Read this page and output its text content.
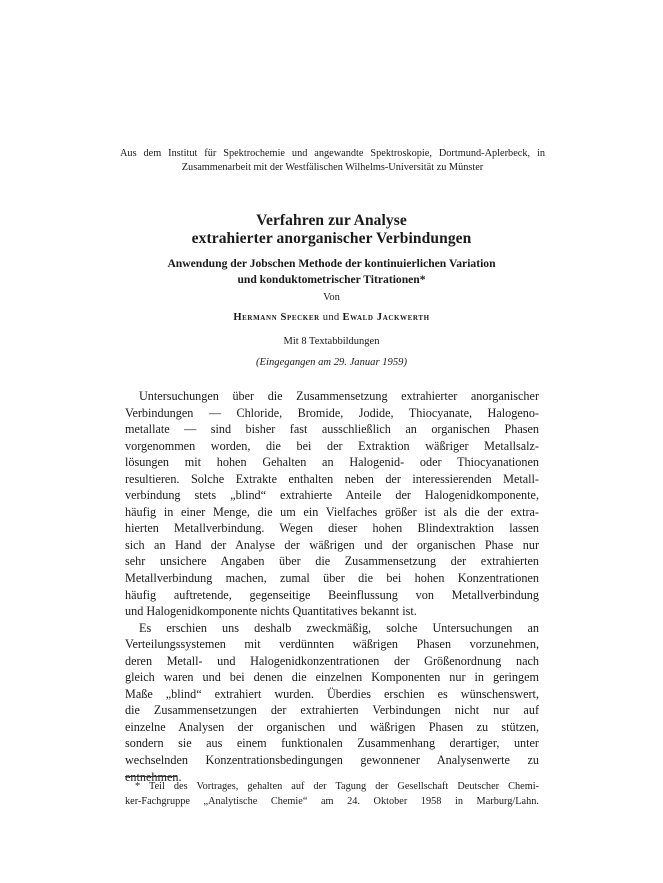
Aus dem Institut für Spektrochemie und angewandte Spektroskopie, Dortmund-Aplerbeck, in Zusammenarbeit mit der Westfälischen Wilhelms-Universität zu Münster
Verfahren zur Analyse
extrahierter anorganischer Verbindungen
Anwendung der Jobschen Methode der kontinuierlichen Variation
und konduktometrischer Titrationen*
Von
Hermann Specker und Ewald Jackwerth
Mit 8 Textabbildungen
(Eingegangen am 29. Januar 1959)
Untersuchungen über die Zusammensetzung extrahierter anorganischer
Verbindungen — Chloride, Bromide, Jodide, Thiocyanate, Halogeno-
metallate — sind bisher fast ausschließlich an organischen Phasen
vorgenommen worden, die bei der Extraktion wäßriger Metallsalz-
lösungen mit hohen Gehalten an Halogenid- oder Thiocyanationen
resultieren. Solche Extrakte enthalten neben der interessierenden Metall-
verbindung stets „blind“ extrahierte Anteile der Halogenidkomponente,
häufig in einer Menge, die um ein Vielfaches größer ist als die der extra-
hierten Metallverbindung. Wegen dieser hohen Blindextraktion lassen
sich an Hand der Analyse der wäßrigen und der organischen Phase nur
sehr unsichere Angaben über die Zusammensetzung der extrahierten
Metallverbindung machen, zumal über die bei hohen Konzentrationen
häufig auftretende, gegenseitige Beeinflussung von Metallverbindung
und Halogenidkomponente nichts Quantitatives bekannt ist.
Es erschien uns deshalb zweckmäßig, solche Untersuchungen an
Verteilungssystemen mit verdünnten wäßrigen Phasen vorzunehmen,
deren Metall- und Halogenidkonzentrationen der Größenordnung nach
gleich waren und bei denen die einzelnen Komponenten nur in geringem
Maße „blind“ extrahiert wurden. Überdies erschien es wünschenswert,
die Zusammensetzungen der extrahierten Verbindungen nicht nur auf
einzelne Analysen der organischen und wäßrigen Phasen zu stützen,
sondern sie aus einem funktionalen Zusammenhang derartiger, unter
wechselnden Konzentrationsbedingungen gewonnener Analysenwerte zu
entnehmen.
* Teil des Vortrages, gehalten auf der Tagung der Gesellschaft Deutscher Chemi-
ker-Fachgruppe „Analytische Chemie“ am 24. Oktober 1958 in Marburg/Lahn.
